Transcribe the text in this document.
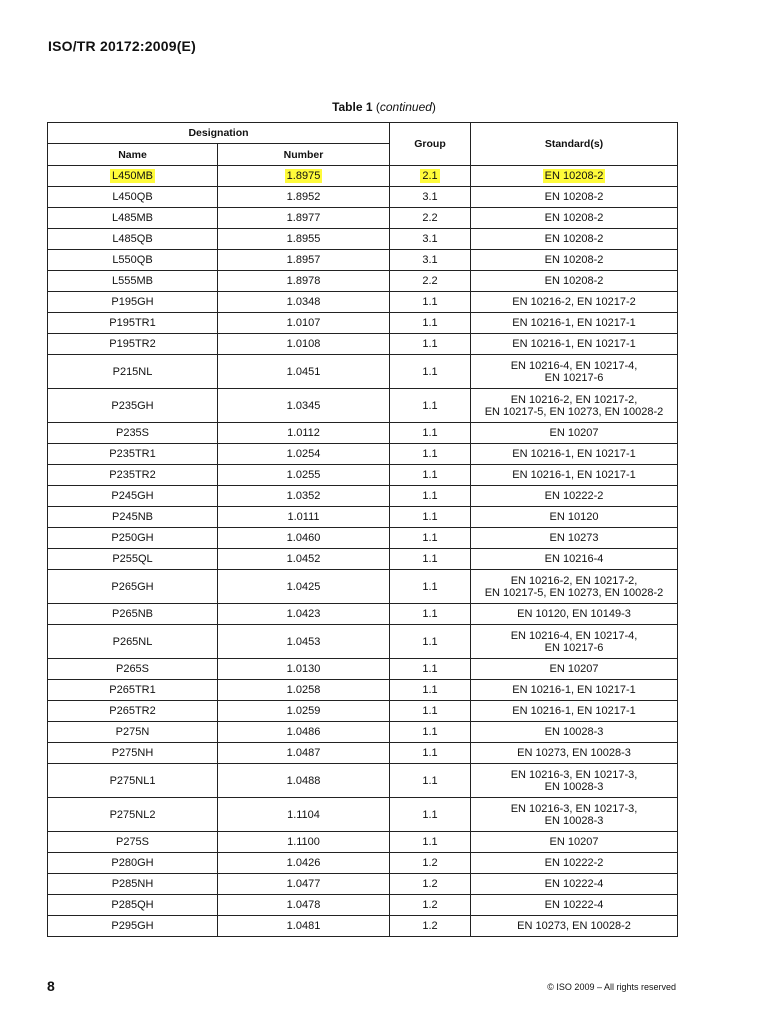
ISO/TR 20172:2009(E)
Table 1 (continued)
Designation		Group	Standard(s)
Name	Number		
L450MB	1.8975	2.1	EN 10208-2
L450QB	1.8952	3.1	EN 10208-2
L485MB	1.8977	2.2	EN 10208-2
L485QB	1.8955	3.1	EN 10208-2
L550QB	1.8957	3.1	EN 10208-2
L555MB	1.8978	2.2	EN 10208-2
P195GH	1.0348	1.1	EN 10216-2, EN 10217-2
P195TR1	1.0107	1.1	EN 10216-1, EN 10217-1
P195TR2	1.0108	1.1	EN 10216-1, EN 10217-1
P215NL	1.0451	1.1	EN 10216-4, EN 10217-4,
EN 10217-6
P235GH	1.0345	1.1	EN 10216-2, EN 10217-2,
EN 10217-5, EN 10273, EN 10028-2
P235S	1.0112	1.1	EN 10207
P235TR1	1.0254	1.1	EN 10216-1, EN 10217-1
P235TR2	1.0255	1.1	EN 10216-1, EN 10217-1
P245GH	1.0352	1.1	EN 10222-2
P245NB	1.0111	1.1	EN 10120
P250GH	1.0460	1.1	EN 10273
P255QL	1.0452	1.1	EN 10216-4
P265GH	1.0425	1.1	EN 10216-2, EN 10217-2,
EN 10217-5, EN 10273, EN 10028-2
P265NB	1.0423	1.1	EN 10120, EN 10149-3
P265NL	1.0453	1.1	EN 10216-4, EN 10217-4,
EN 10217-6
P265S	1.0130	1.1	EN 10207
P265TR1	1.0258	1.1	EN 10216-1, EN 10217-1
P265TR2	1.0259	1.1	EN 10216-1, EN 10217-1
P275N	1.0486	1.1	EN 10028-3
P275NH	1.0487	1.1	EN 10273, EN 10028-3
P275NL1	1.0488	1.1	EN 10216-3, EN 10217-3,
EN 10028-3
P275NL2	1.1104	1.1	EN 10216-3, EN 10217-3,
EN 10028-3
P275S	1.1100	1.1	EN 10207
P280GH	1.0426	1.2	EN 10222-2
P285NH	1.0477	1.2	EN 10222-4
P285QH	1.0478	1.2	EN 10222-4
P295GH	1.0481	1.2	EN 10273, EN 10028-2
8	© ISO 2009 – All rights reserved
